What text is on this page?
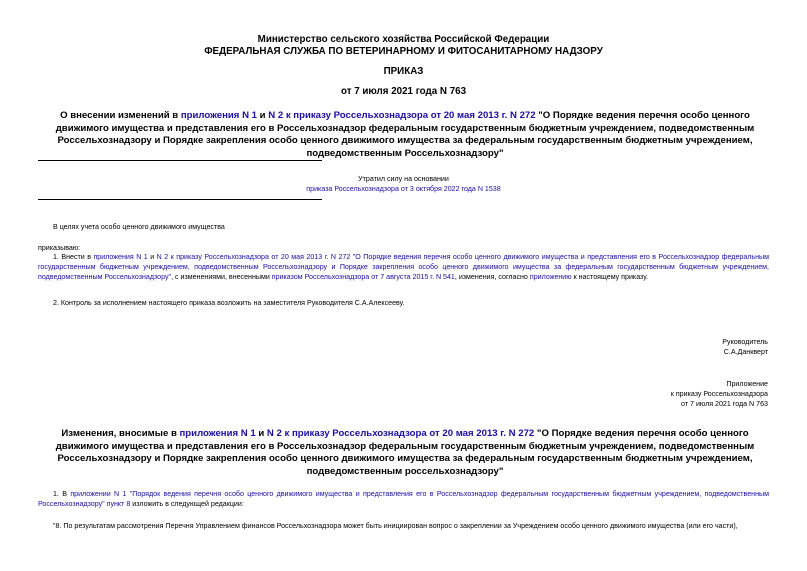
Министерство сельского хозяйства Российской Федерации
ФЕДЕРАЛЬНАЯ СЛУЖБА ПО ВЕТЕРИНАРНОМУ И ФИТОСАНИТАРНОМУ НАДЗОРУ
ПРИКАЗ
от 7 июля 2021 года N 763
О внесении изменений в приложения N 1 и N 2 к приказу Россельхознадзора от 20 мая 2013 г. N 272 "О Порядке ведения перечня особо ценного движимого имущества и представления его в Россельхознадзор федеральным государственным бюджетным учреждением, подведомственным Россельхознадзору и Порядке закрепления особо ценного движимого имущества за федеральным государственным бюджетным учреждением, подведомственным Россельхознадзору"
Утратил силу на основании
приказа Россельхознадзора от 3 октября 2022 года N 1538
В целях учета особо ценного движимого имущества
приказываю:
1. Внести в приложения N 1 и N 2 к приказу Россельхознадзора от 20 мая 2013 г. N 272 "О Порядке ведения перечня особо ценного движимого имущества и представления его в Россельхознадзор федеральным государственным бюджетным учреждением, подведомственным Россельхознадзору и Порядке закрепления особо ценного движимого имущества за федеральным государственным бюджетным учреждением, подведомственным Россельхознадзору", с изменениями, внесенными приказом Россельхознадзора от 7 августа 2015 г. N 541, изменения, согласно приложению к настоящему приказу.
2. Контроль за исполнением настоящего приказа возложить на заместителя Руководителя С.А.Алексееву.
Руководитель
С.А.Данкверт
Приложение
к приказу Россельхознадзора
от 7 июля 2021 года N 763
Изменения, вносимые в приложения N 1 и N 2 к приказу Россельхознадзора от 20 мая 2013 г. N 272 "О Порядке ведения перечня особо ценного движимого имущества и представления его в Россельхознадзор федеральным государственным бюджетным учреждением, подведомственным Россельхознадзору и Порядке закрепления особо ценного движимого имущества за федеральным государственным бюджетным учреждением, подведомственным россельхознадзору"
1. В приложении N 1 "Порядок ведения перечня особо ценного движимого имущества и представления его в Россельхознадзор федеральным государственным бюджетным учреждением, подведомственным Россельхознадзору" пункт 8 изложить в следующей редакции:
"8. По результатам рассмотрения Перечня Управлением финансов Россельхознадзора может быть инициирован вопрос о закреплении за Учреждением особо ценного движимого имущества (или его части),
